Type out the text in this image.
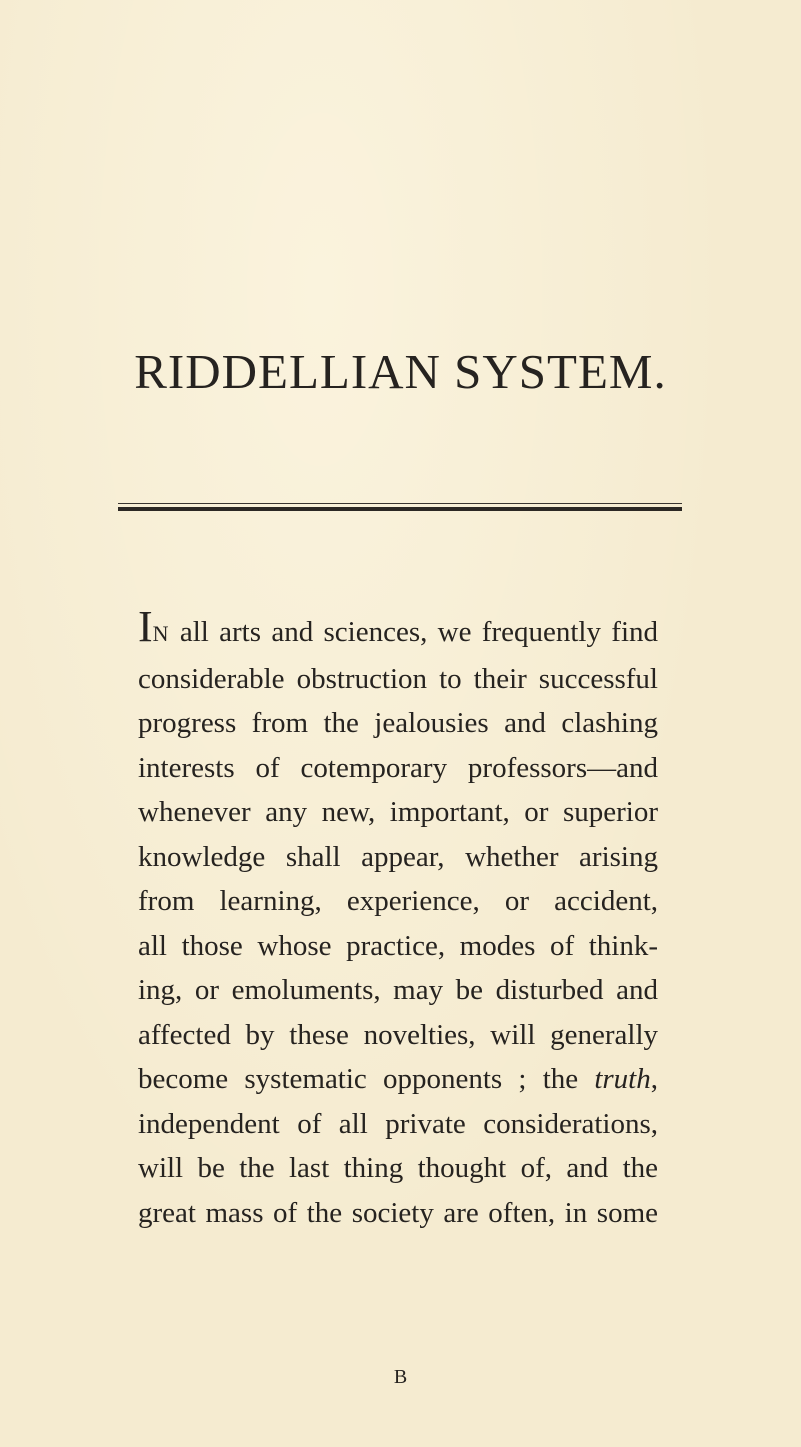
RIDDELLIAN SYSTEM.
IN all arts and sciences, we frequently find
considerable obstruction to their successful
progress from the jealousies and clashing
interests of cotemporary professors—and
whenever any new, important, or superior
knowledge shall appear, whether arising
from learning, experience, or accident,
all those whose practice, modes of think-
ing, or emoluments, may be disturbed and
affected by these novelties, will generally
become systematic opponents ; the truth,
independent of all private considerations,
will be the last thing thought of, and the
great mass of the society are often, in some
B
